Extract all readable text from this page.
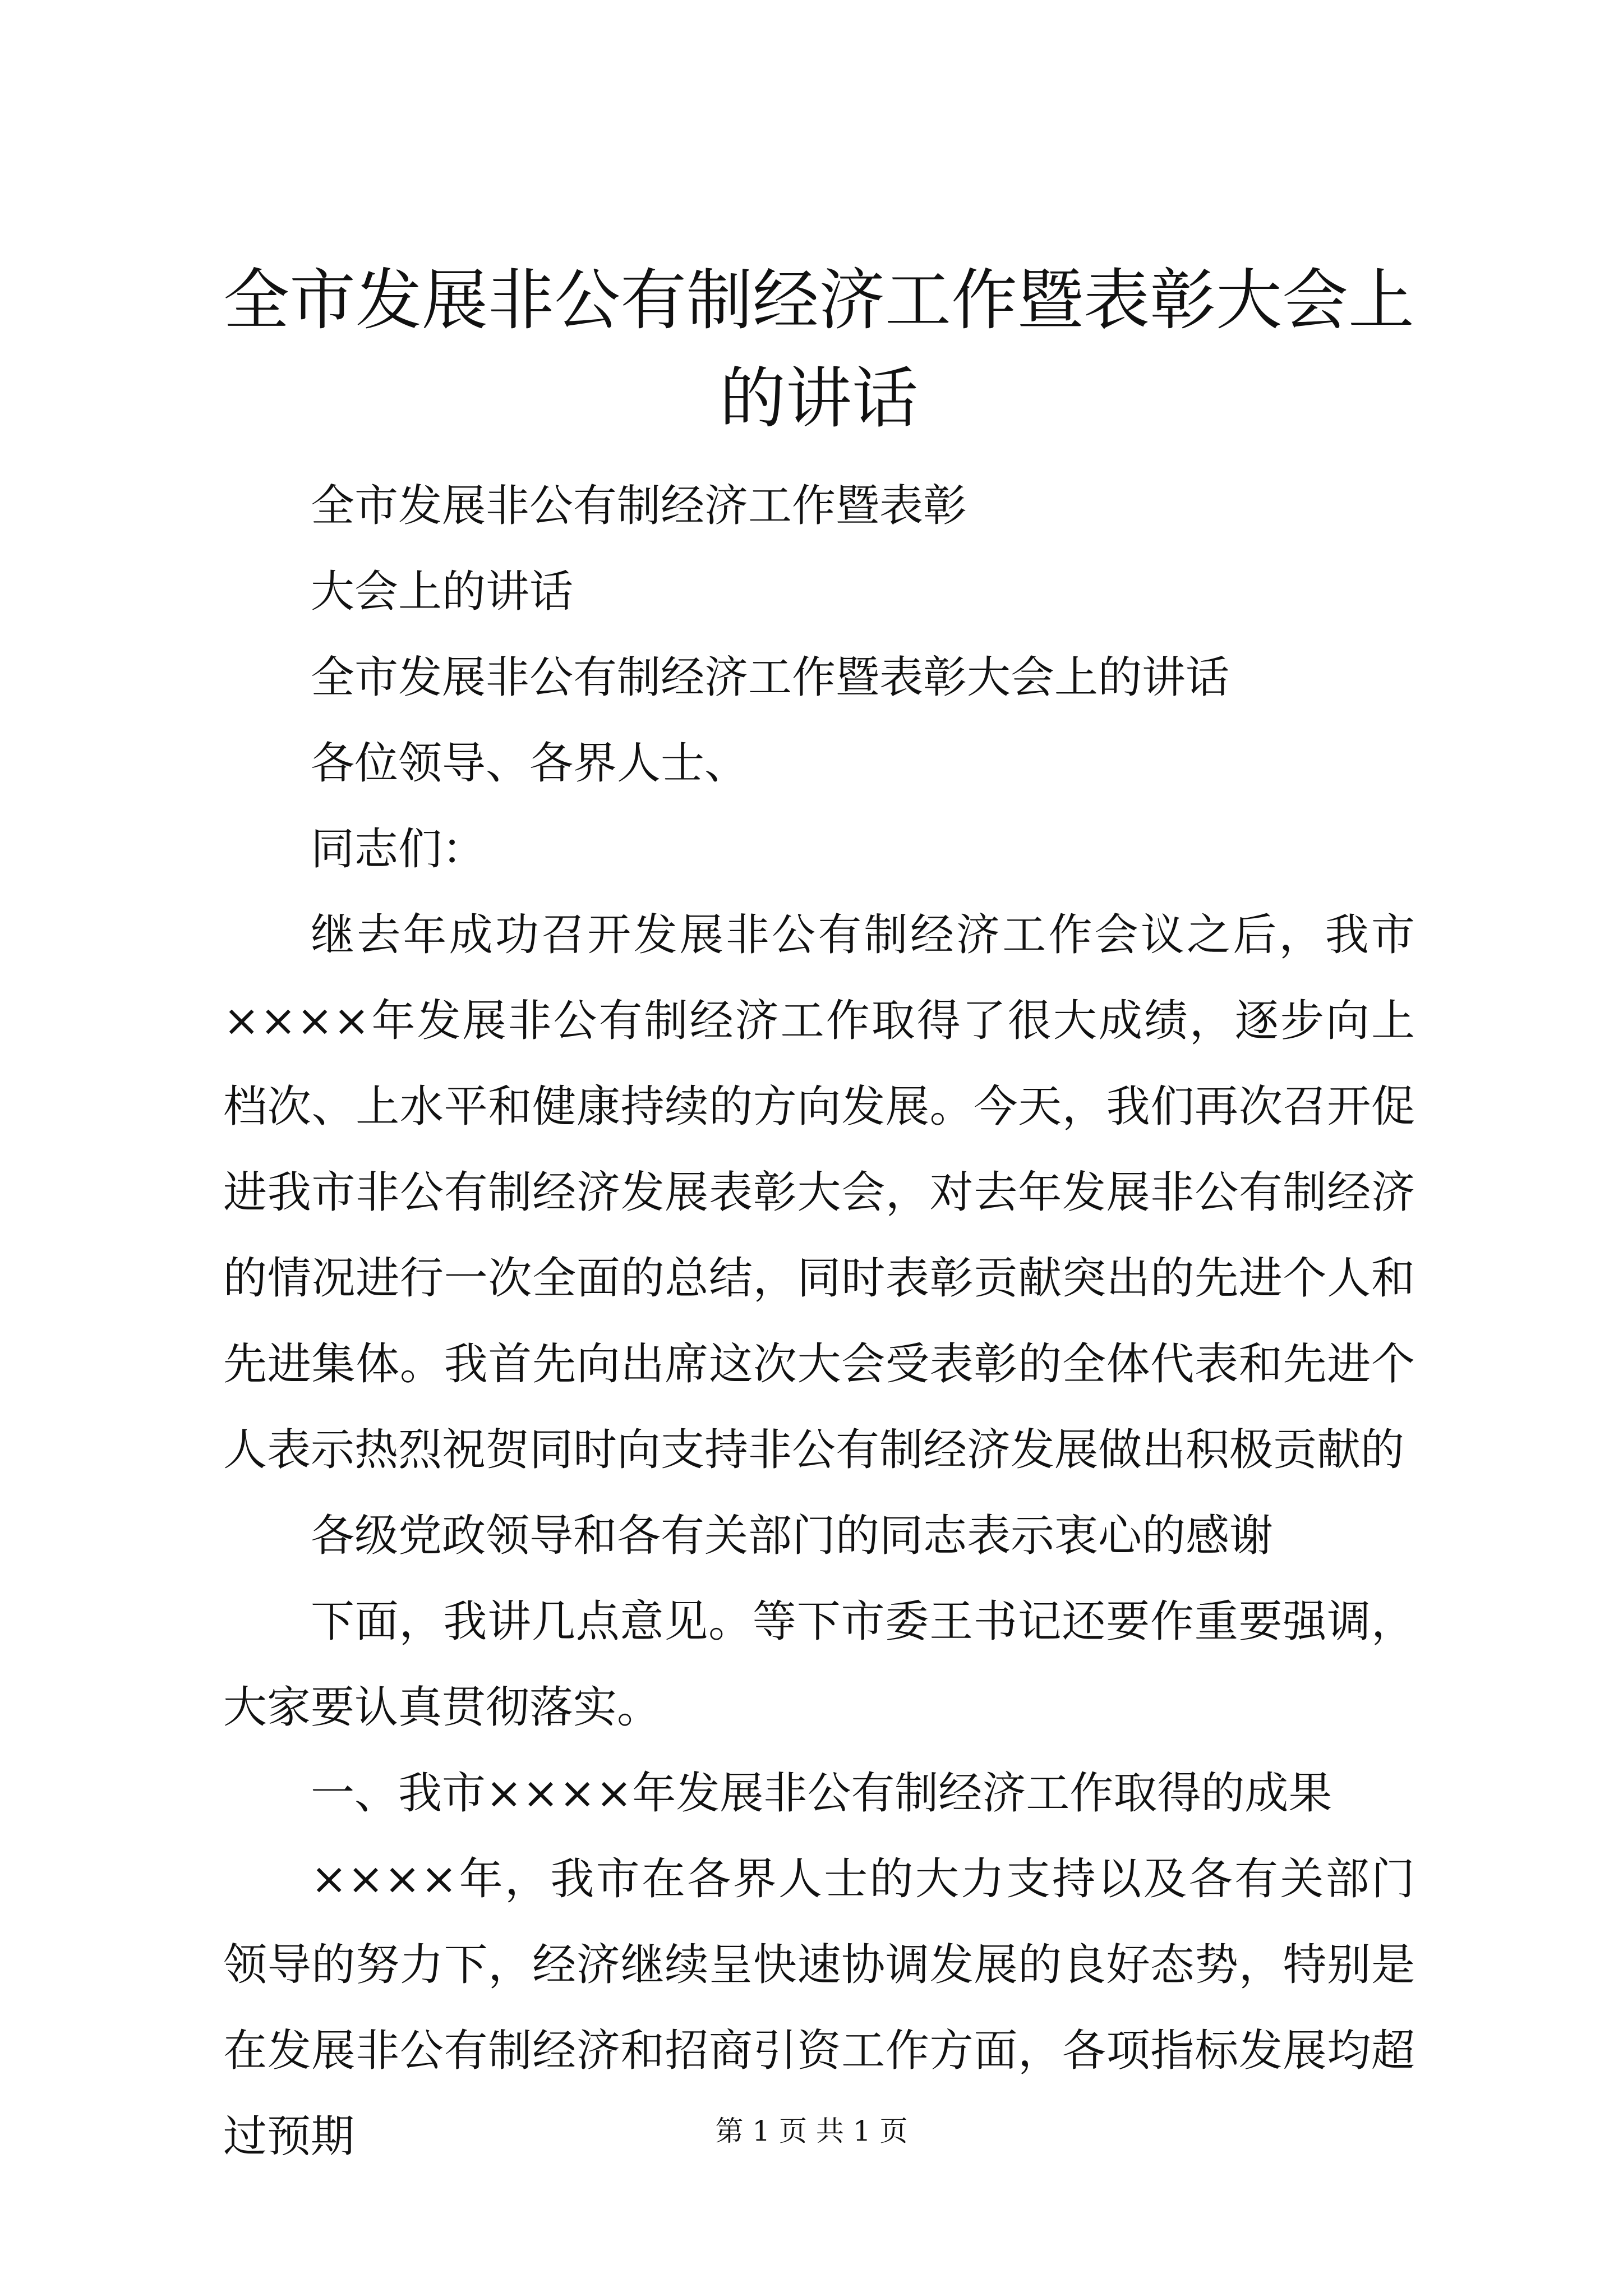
全市发展非公有制经济工作暨表彰大会上的讲话

全市发展非公有制经济工作暨表彰

大会上的讲话

全市发展非公有制经济工作暨表彰大会上的讲话

各位领导、各界人士、

同志们：

继去年成功召开发展非公有制经济工作会议之后，我市××××年发展非公有制经济工作取得了很大成绩，逐步向上档次、上水平和健康持续的方向发展。今天，我们再次召开促进我市非公有制经济发展表彰大会，对去年发展非公有制经济的情况进行一次全面的总结，同时表彰贡献突出的先进个人和先进集体。我首先向出席这次大会受表彰的全体代表和先进个人表示热烈祝贺同时向支持非公有制经济发展做出积极贡献的

各级党政领导和各有关部门的同志表示衷心的感谢

下面，我讲几点意见。等下市委王书记还要作重要强调，大家要认真贯彻落实。

一、我市××××年发展非公有制经济工作取得的成果

××××年，我市在各界人士的大力支持以及各有关部门领导的努力下，经济继续呈快速协调发展的良好态势，特别是在发展非公有制经济和招商引资工作方面，各项指标发展均超过预期	第 1 页 共 1 页
